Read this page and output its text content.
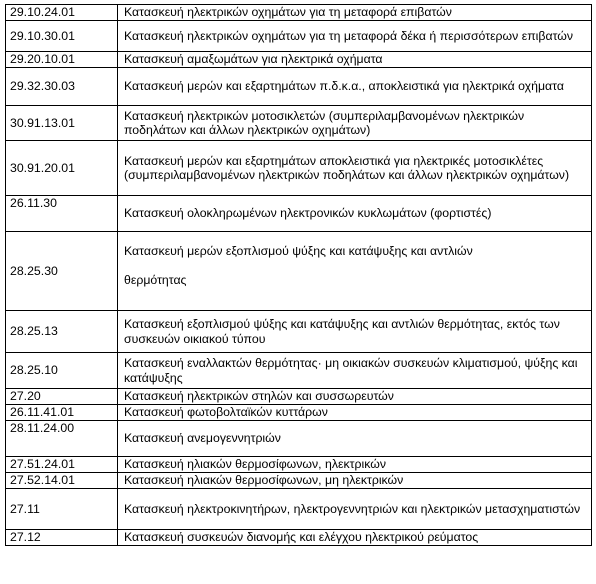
29.10.24.01	Κατασκευή ηλεκτρικών οχημάτων για τη μεταφορά επιβατών
29.10.30.01	Κατασκευή ηλεκτρικών οχημάτων για τη μεταφορά δέκα ή περισσότερων επιβατών
29.20.10.01	Κατασκευή αμαξωμάτων για ηλεκτρικά οχήματα
29.32.30.03	Κατασκευή μερών και εξαρτημάτων π.δ.κ.α., αποκλειστικά για ηλεκτρικά οχήματα
30.91.13.01	Κατασκευή ηλεκτρικών μοτοσικλετών (συμπεριλαμβανομένων ηλεκτρικών ποδηλάτων και άλλων ηλεκτρικών οχημάτων)
30.91.20.01	Κατασκευή μερών και εξαρτημάτων αποκλειστικά για ηλεκτρικές μοτοσικλέτες (συμπεριλαμβανομένων ηλεκτρικών ποδηλάτων και άλλων ηλεκτρικών οχημάτων)
26.11.30	Κατασκευή ολοκληρωμένων ηλεκτρονικών κυκλωμάτων (φορτιστές)
28.25.30	Κατασκευή μερών εξοπλισμού ψύξης και κατάψυξης και αντλιών
θερμότητας

28.25.13	Κατασκευή εξοπλισμού ψύξης και κατάψυξης και αντλιών θερμότητας, εκτός των συσκευών οικιακού τύπου
28.25.10	Κατασκευή εναλλακτών θερμότητας· μη οικιακών συσκευών κλιματισμού, ψύξης και κατάψυξης
27.20	Κατασκευή ηλεκτρικών στηλών και συσσωρευτών
26.11.41.01	Κατασκευή φωτοβολταϊκών κυττάρων
28.11.24.00	Κατασκευή ανεμογεννητριών
27.51.24.01	Κατασκευή ηλιακών θερμοσίφωνων, ηλεκτρικών
27.52.14.01	Κατασκευή ηλιακών θερμοσίφωνων, μη ηλεκτρικών
27.11	Κατασκευή ηλεκτροκινητήρων, ηλεκτρογεννητριών και ηλεκτρικών μετασχηματιστών
27.12	Κατασκευή συσκευών διανομής και ελέγχου ηλεκτρικού ρεύματος
